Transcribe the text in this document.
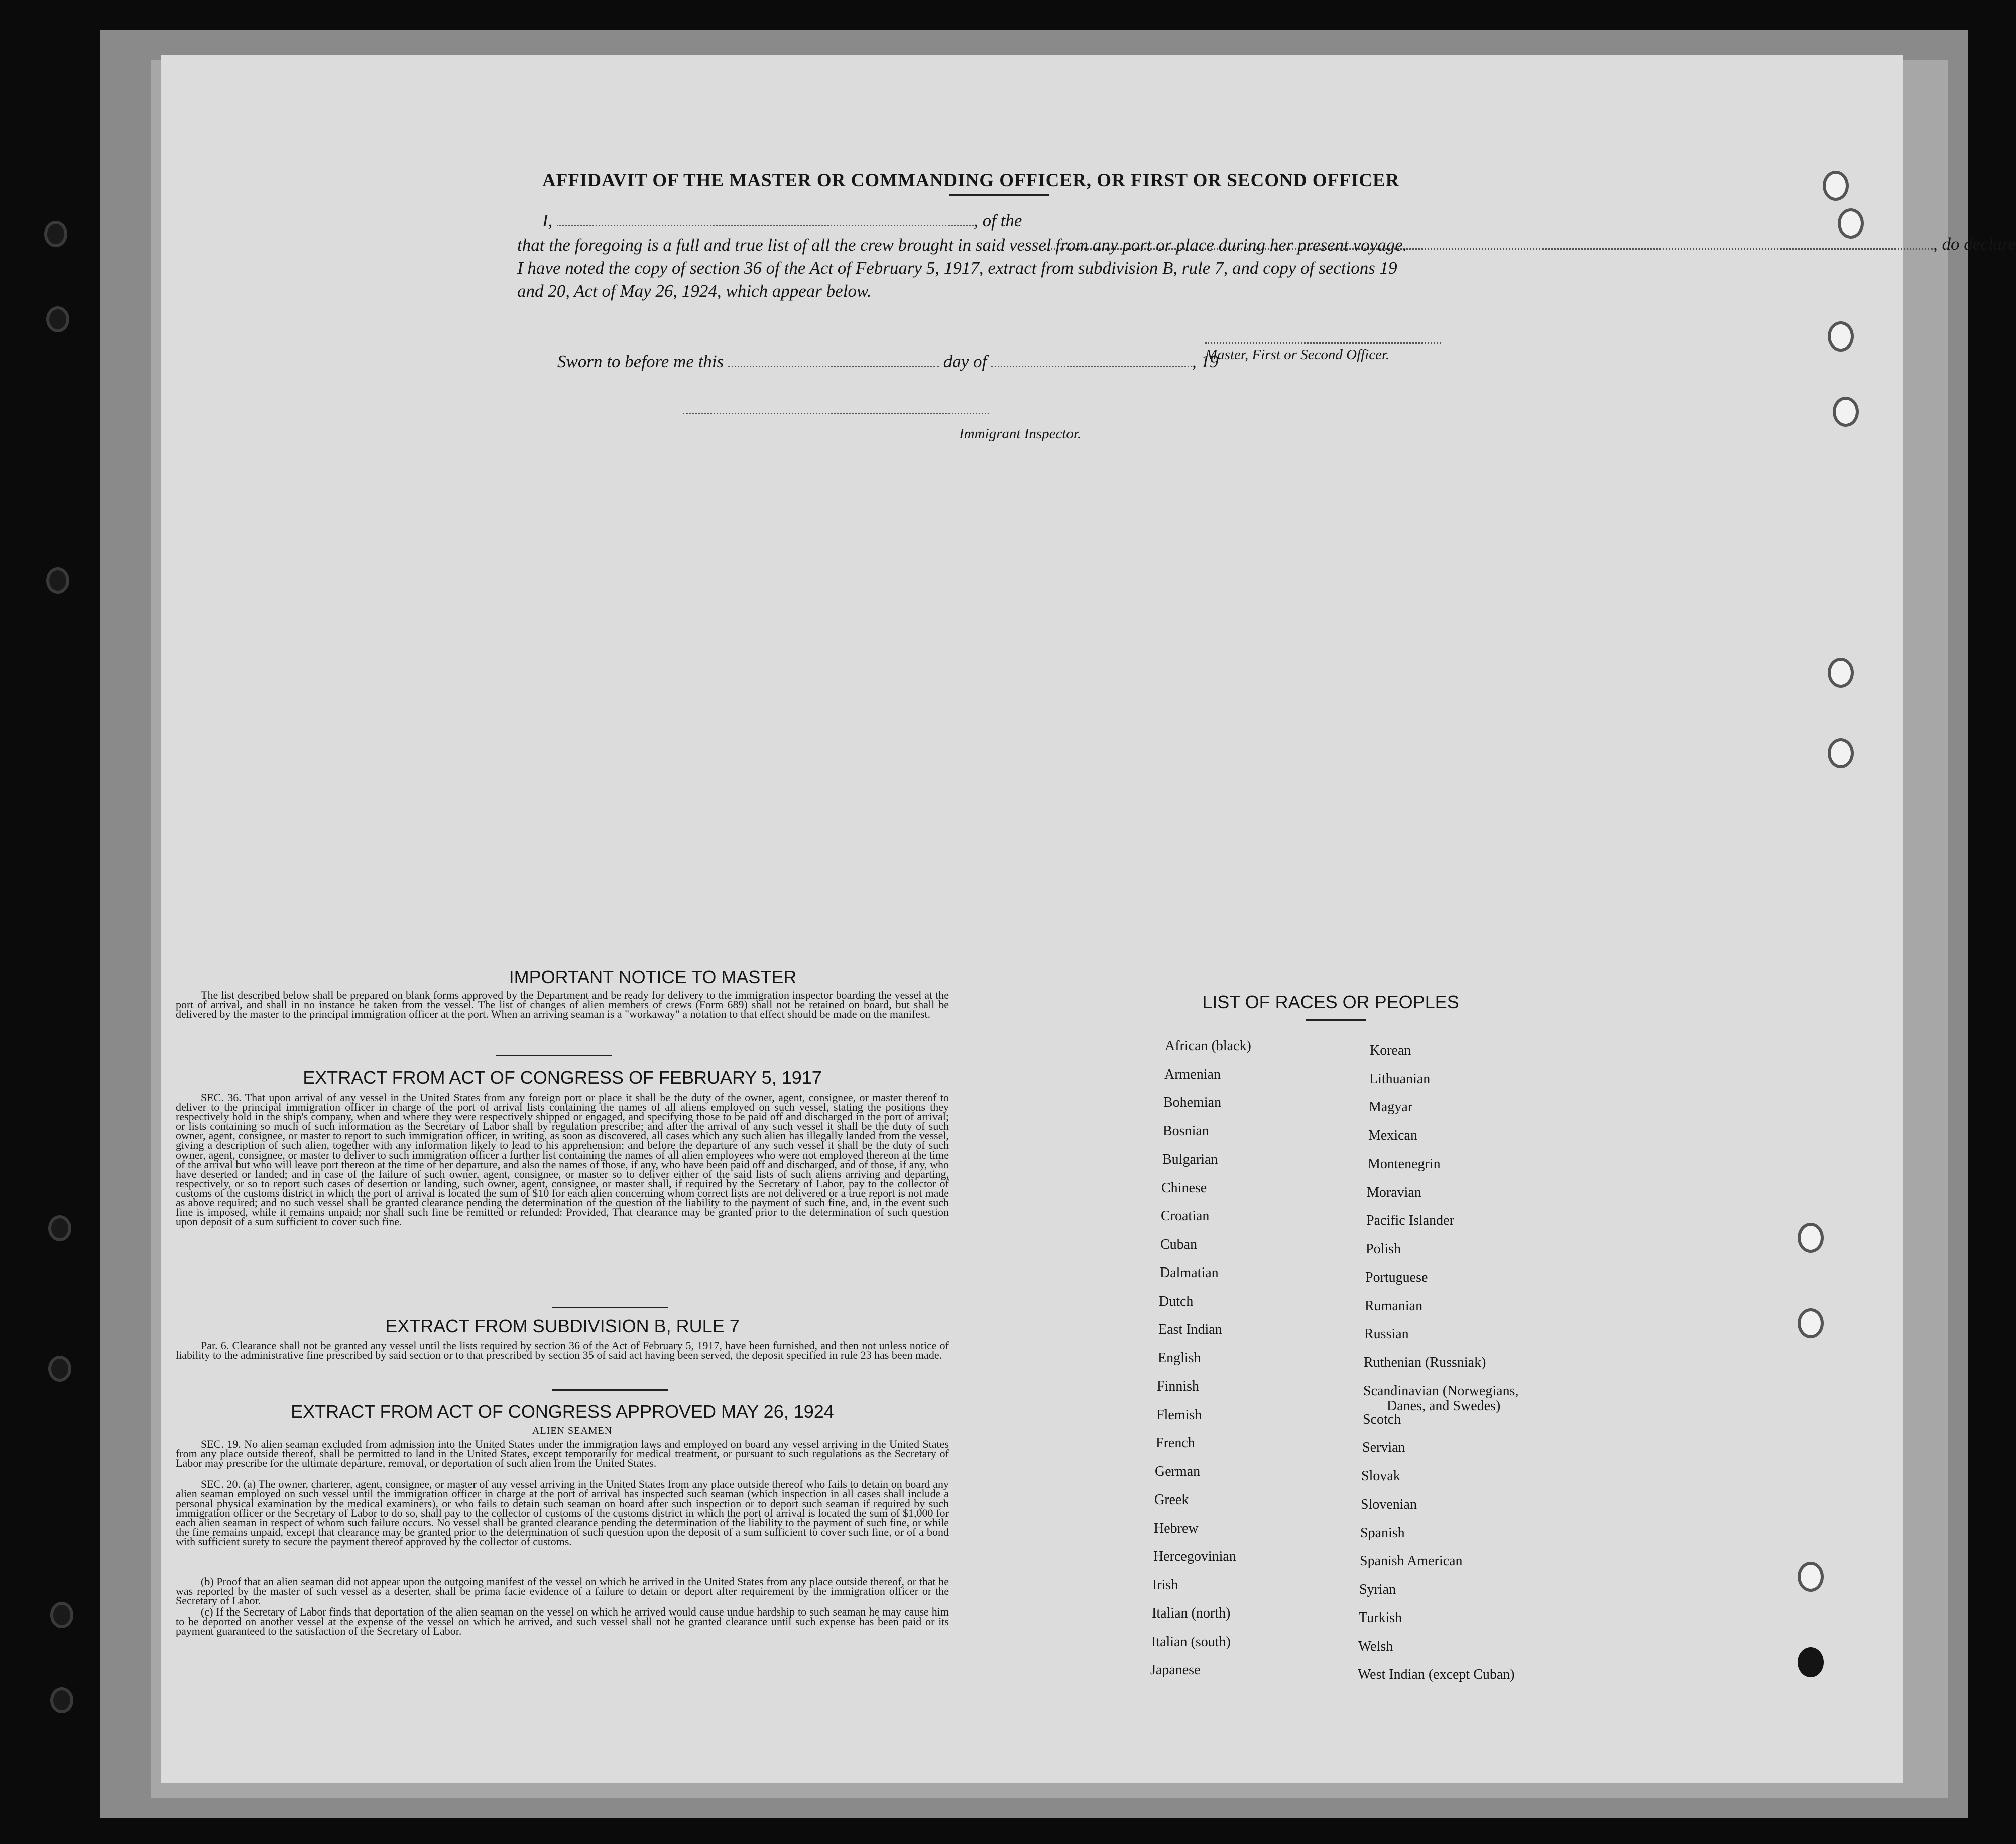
AFFIDAVIT OF THE MASTER OR COMMANDING OFFICER, OR FIRST OR SECOND OFFICER
I,	, of the
, do declare
that the foregoing is a full and true list of all the crew brought in said vessel from any port or place during her present voyage.
I have noted the copy of section 36 of the Act of February 5, 1917, extract from subdivision B, rule 7, and copy of sections 19
and 20, Act of May 26, 1924, which appear below.
Master, First or Second Officer.
Sworn to before me this	day of	, 19
Immigrant Inspector.
IMPORTANT NOTICE TO MASTER
The list described below shall be prepared on blank forms approved by the Department and be ready for delivery to the immigration inspector boarding the vessel at the port of arrival, and shall in no instance be taken from the vessel. The list of changes of alien members of crews (Form 689) shall not be retained on board, but shall be delivered by the master to the principal immigration officer at the port. When an arriving seaman is a "workaway" a notation to that effect should be made on the manifest.
EXTRACT FROM ACT OF CONGRESS OF FEBRUARY 5, 1917
SEC. 36. That upon arrival of any vessel in the United States from any foreign port or place it shall be the duty of the owner, agent, consignee, or master thereof to deliver to the principal immigration officer in charge of the port of arrival lists containing the names of all aliens employed on such vessel, stating the positions they respectively hold in the ship's company, when and where they were respectively shipped or engaged, and specifying those to be paid off and discharged in the port of arrival; or lists containing so much of such information as the Secretary of Labor shall by regulation prescribe; and after the arrival of any such vessel it shall be the duty of such owner, agent, consignee, or master to report to such immigration officer, in writing, as soon as discovered, all cases which any such alien has illegally landed from the vessel, giving a description of such alien, together with any information likely to lead to his apprehension; and before the departure of any such vessel it shall be the duty of such owner, agent, consignee, or master to deliver to such immigration officer a further list containing the names of all alien employees who were not employed thereon at the time of the arrival but who will leave port thereon at the time of her departure, and also the names of those, if any, who have been paid off and discharged, and of those, if any, who have deserted or landed; and in case of the failure of such owner, agent, consignee, or master so to deliver either of the said lists of such aliens arriving and departing, respectively, or so to report such cases of desertion or landing, such owner, agent, consignee, or master shall, if required by the Secretary of Labor, pay to the collector of customs of the customs district in which the port of arrival is located the sum of $10 for each alien concerning whom correct lists are not delivered or a true report is not made as above required; and no such vessel shall be granted clearance pending the determination of the question of the liability to the payment of such fine, and, in the event such fine is imposed, while it remains unpaid; nor shall such fine be remitted or refunded: Provided, That clearance may be granted prior to the determination of such question upon deposit of a sum sufficient to cover such fine.
EXTRACT FROM SUBDIVISION B, RULE 7
Par. 6. Clearance shall not be granted any vessel until the lists required by section 36 of the Act of February 5, 1917, have been furnished, and then not unless notice of liability to the administrative fine prescribed by said section or to that prescribed by section 35 of said act having been served, the deposit specified in rule 23 has been made.
EXTRACT FROM ACT OF CONGRESS APPROVED MAY 26, 1924
ALIEN SEAMEN
SEC. 19. No alien seaman excluded from admission into the United States under the immigration laws and employed on board any vessel arriving in the United States from any place outside thereof, shall be permitted to land in the United States, except temporarily for medical treatment, or pursuant to such regulations as the Secretary of Labor may prescribe for the ultimate departure, removal, or deportation of such alien from the United States.
SEC. 20. (a) The owner, charterer, agent, consignee, or master of any vessel arriving in the United States from any place outside thereof who fails to detain on board any alien seaman employed on such vessel until the immigration officer in charge at the port of arrival has inspected such seaman (which inspection in all cases shall include a personal physical examination by the medical examiners), or who fails to detain such seaman on board after such inspection or to deport such seaman if required by such immigration officer or the Secretary of Labor to do so, shall pay to the collector of customs of the customs district in which the port of arrival is located the sum of $1,000 for each alien seaman in respect of whom such failure occurs. No vessel shall be granted clearance pending the determination of the liability to the payment of such fine, or while the fine remains unpaid, except that clearance may be granted prior to the determination of such question upon the deposit of a sum sufficient to cover such fine, or of a bond with sufficient surety to secure the payment thereof approved by the collector of customs.
(b) Proof that an alien seaman did not appear upon the outgoing manifest of the vessel on which he arrived in the United States from any place outside thereof, or that he was reported by the master of such vessel as a deserter, shall be prima facie evidence of a failure to detain or deport after requirement by the immigration officer or the Secretary of Labor.
(c) If the Secretary of Labor finds that deportation of the alien seaman on the vessel on which he arrived would cause undue hardship to such seaman he may cause him to be deported on another vessel at the expense of the vessel on which he arrived, and such vessel shall not be granted clearance until such expense has been paid or its payment guaranteed to the satisfaction of the Secretary of Labor.
LIST OF RACES OR PEOPLES
African (black)
Armenian
Bohemian
Bosnian
Bulgarian
Chinese
Croatian
Cuban
Dalmatian
Dutch
East Indian
English
Finnish
Flemish
French
German
Greek
Hebrew
Hercegovinian
Irish
Italian (north)
Italian (south)
Japanese
Korean
Lithuanian
Magyar
Mexican
Montenegrin
Moravian
Pacific Islander
Polish
Portuguese
Rumanian
Russian
Ruthenian (Russniak)
Scandinavian (Norwegians,
Danes, and Swedes)
Scotch
Servian
Slovak
Slovenian
Spanish
Spanish American
Syrian
Turkish
Welsh
West Indian (except Cuban)
